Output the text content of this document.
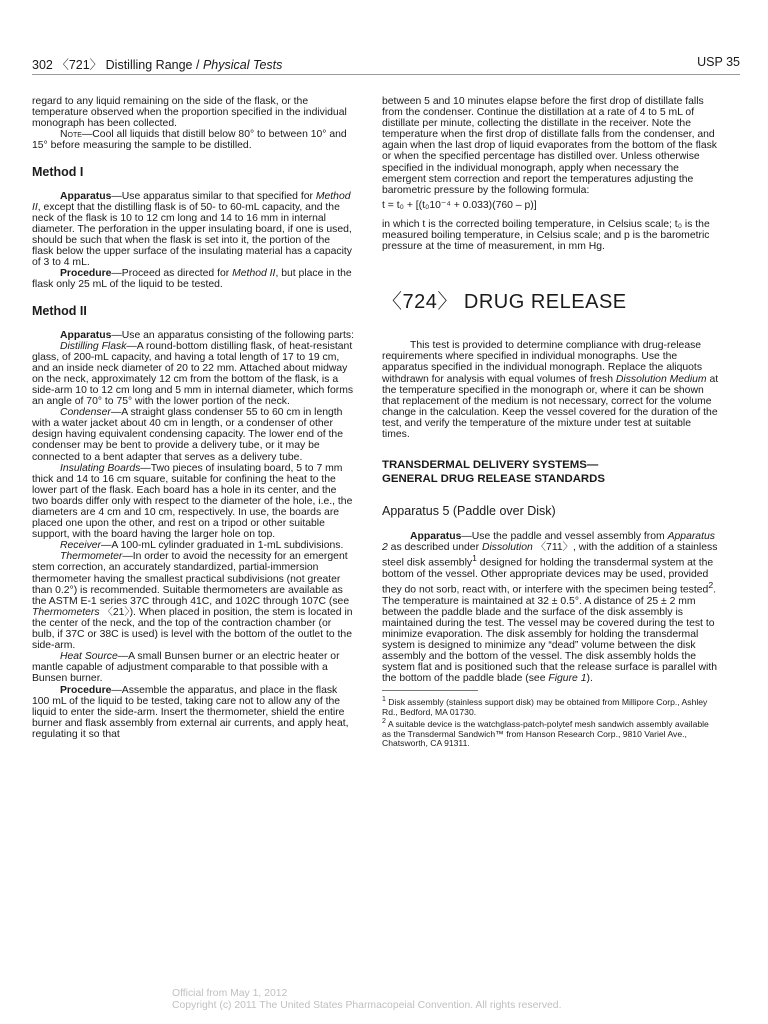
302 〈721〉 Distilling Range / Physical Tests	USP 35

regard to any liquid remaining on the side of the flask, or the temperature observed when the proportion specified in the individual monograph has been collected.

Note—Cool all liquids that distill below 80° to between 10° and 15° before measuring the sample to be distilled.

Method I

Apparatus—Use apparatus similar to that specified for Method II, except that the distilling flask is of 50- to 60-mL capacity, and the neck of the flask is 10 to 12 cm long and 14 to 16 mm in internal diameter. The perforation in the upper insulating board, if one is used, should be such that when the flask is set into it, the portion of the flask below the upper surface of the insulating material has a capacity of 3 to 4 mL.

Procedure—Proceed as directed for Method II, but place in the flask only 25 mL of the liquid to be tested.

Method II

Apparatus—Use an apparatus consisting of the following parts:

Distilling Flask—A round-bottom distilling flask, of heat-resistant glass, of 200-mL capacity, and having a total length of 17 to 19 cm, and an inside neck diameter of 20 to 22 mm. Attached about midway on the neck, approximately 12 cm from the bottom of the flask, is a side-arm 10 to 12 cm long and 5 mm in internal diameter, which forms an angle of 70° to 75° with the lower portion of the neck.

Condenser—A straight glass condenser 55 to 60 cm in length with a water jacket about 40 cm in length, or a condenser of other design having equivalent condensing capacity. The lower end of the condenser may be bent to provide a delivery tube, or it may be connected to a bent adapter that serves as a delivery tube.

Insulating Boards—Two pieces of insulating board, 5 to 7 mm thick and 14 to 16 cm square, suitable for confining the heat to the lower part of the flask. Each board has a hole in its center, and the two boards differ only with respect to the diameter of the hole, i.e., the diameters are 4 cm and 10 cm, respectively. In use, the boards are placed one upon the other, and rest on a tripod or other suitable support, with the board having the larger hole on top.

Receiver—A 100-mL cylinder graduated in 1-mL subdivisions.

Thermometer—In order to avoid the necessity for an emergent stem correction, an accurately standardized, partial-immersion thermometer having the smallest practical subdivisions (not greater than 0.2°) is recommended. Suitable thermometers are available as the ASTM E-1 series 37C through 41C, and 102C through 107C (see Thermometers 〈21〉). When placed in position, the stem is located in the center of the neck, and the top of the contraction chamber (or bulb, if 37C or 38C is used) is level with the bottom of the outlet to the side-arm.

Heat Source—A small Bunsen burner or an electric heater or mantle capable of adjustment comparable to that possible with a Bunsen burner.

Procedure—Assemble the apparatus, and place in the flask 100 mL of the liquid to be tested, taking care not to allow any of the liquid to enter the side-arm. Insert the thermometer, shield the entire burner and flask assembly from external air currents, and apply heat, regulating it so that

between 5 and 10 minutes elapse before the first drop of distillate falls from the condenser. Continue the distillation at a rate of 4 to 5 mL of distillate per minute, collecting the distillate in the receiver. Note the temperature when the first drop of distillate falls from the condenser, and again when the last drop of liquid evaporates from the bottom of the flask or when the specified percentage has distilled over. Unless otherwise specified in the individual monograph, apply when necessary the emergent stem correction and report the temperatures adjusting the barometric pressure by the following formula:

t = t₀ + [(t₀10⁻⁴ + 0.033)(760 – p)]

in which t is the corrected boiling temperature, in Celsius scale; t₀ is the measured boiling temperature, in Celsius scale; and p is the barometric pressure at the time of measurement, in mm Hg.

〈724〉 DRUG RELEASE

This test is provided to determine compliance with drug-release requirements where specified in individual monographs. Use the apparatus specified in the individual monograph. Replace the aliquots withdrawn for analysis with equal volumes of fresh Dissolution Medium at the temperature specified in the monograph or, where it can be shown that replacement of the medium is not necessary, correct for the volume change in the calculation. Keep the vessel covered for the duration of the test, and verify the temperature of the mixture under test at suitable times.

TRANSDERMAL DELIVERY SYSTEMS—

GENERAL DRUG RELEASE STANDARDS

Apparatus 5 (Paddle over Disk)

Apparatus—Use the paddle and vessel assembly from Apparatus 2 as described under Dissolution 〈711〉, with the addition of a stainless steel disk assembly$^1$ designed for holding the transdermal system at the bottom of the vessel. Other appropriate devices may be used, provided they do not sorb, react with, or interfere with the specimen being tested$^2$. The temperature is maintained at 32 ± 0.5°. A distance of 25 ± 2 mm between the paddle blade and the surface of the disk assembly is maintained during the test. The vessel may be covered during the test to minimize evaporation. The disk assembly for holding the transdermal system is designed to minimize any “dead” volume between the disk assembly and the bottom of the vessel. The disk assembly holds the system flat and is positioned such that the release surface is parallel with the bottom of the paddle blade (see Figure 1).

$^1$ Disk assembly (stainless support disk) may be obtained from Millipore Corp., Ashley Rd., Bedford, MA 01730.

$^2$ A suitable device is the watchglass-patch-polytef mesh sandwich assembly available as the Transdermal Sandwich™ from Hanson Research Corp., 9810 Variel Ave., Chatsworth, CA 91311.

Official from May 1, 2012
Copyright (c) 2011 The United States Pharmacopeial Convention. All rights reserved.
